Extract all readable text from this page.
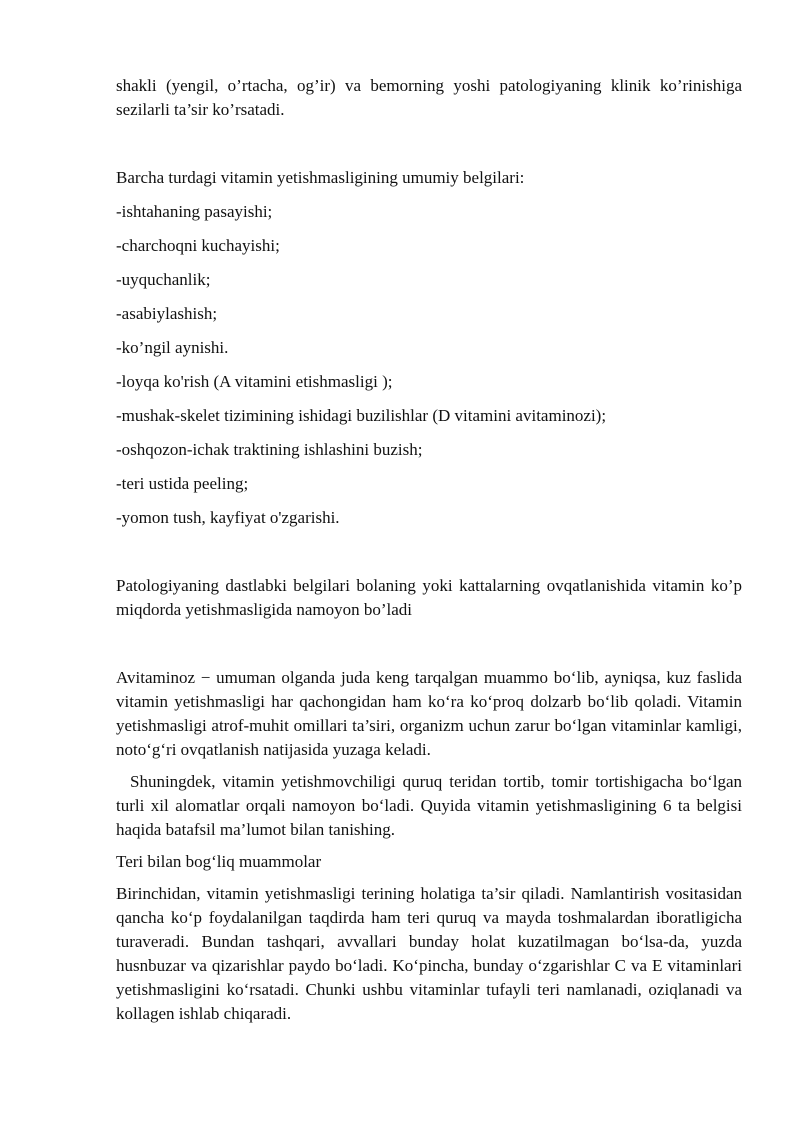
shakli (yengil, o’rtacha, og’ir) va bemorning yoshi patologiyaning klinik ko’rinishiga sezilarli ta’sir ko’rsatadi.

Barcha turdagi vitamin yetishmasligining umumiy belgilari:

-ishtahaning pasayishi;

-charchoqni kuchayishi;

-uyquchanlik;

-asabiylashish;

-ko’ngil aynishi.

-loyqa ko'rish (A vitamini etishmasligi );

-mushak-skelet tizimining ishidagi buzilishlar (D vitamini avitaminozi);

-oshqozon-ichak traktining ishlashini buzish;

-teri ustida peeling;

-yomon tush, kayfiyat o'zgarishi.

Patologiyaning dastlabki belgilari bolaning yoki kattalarning ovqatlanishida vitamin ko’p miqdorda yetishmasligida namoyon bo’ladi

Avitaminoz − umuman olganda juda keng tarqalgan muammo bo‘lib, ayniqsa, kuz faslida vitamin yetishmasligi har qachongidan ham ko‘ra ko‘proq dolzarb bo‘lib qoladi. Vitamin yetishmasligi atrof-muhit omillari ta’siri, organizm uchun zarur bo‘lgan vitaminlar kamligi, noto‘g‘ri ovqatlanish natijasida yuzaga keladi.

Shuningdek, vitamin yetishmovchiligi quruq teridan tortib, tomir tortishigacha bo‘lgan turli xil alomatlar orqali namoyon bo‘ladi. Quyida vitamin yetishmasligining 6 ta belgisi haqida batafsil ma’lumot bilan tanishing.

Teri bilan bog‘liq muammolar

Birinchidan, vitamin yetishmasligi terining holatiga ta’sir qiladi. Namlantirish vositasidan qancha ko‘p foydalanilgan taqdirda ham teri quruq va mayda toshmalardan iboratligicha turaveradi. Bundan tashqari, avvallari bunday holat kuzatilmagan bo‘lsa-da, yuzda husnbuzar va qizarishlar paydo bo‘ladi. Ko‘pincha, bunday o‘zgarishlar C va E vitaminlari yetishmasligini ko‘rsatadi. Chunki ushbu vitaminlar tufayli teri namlanadi, oziqlanadi va kollagen ishlab chiqaradi.
